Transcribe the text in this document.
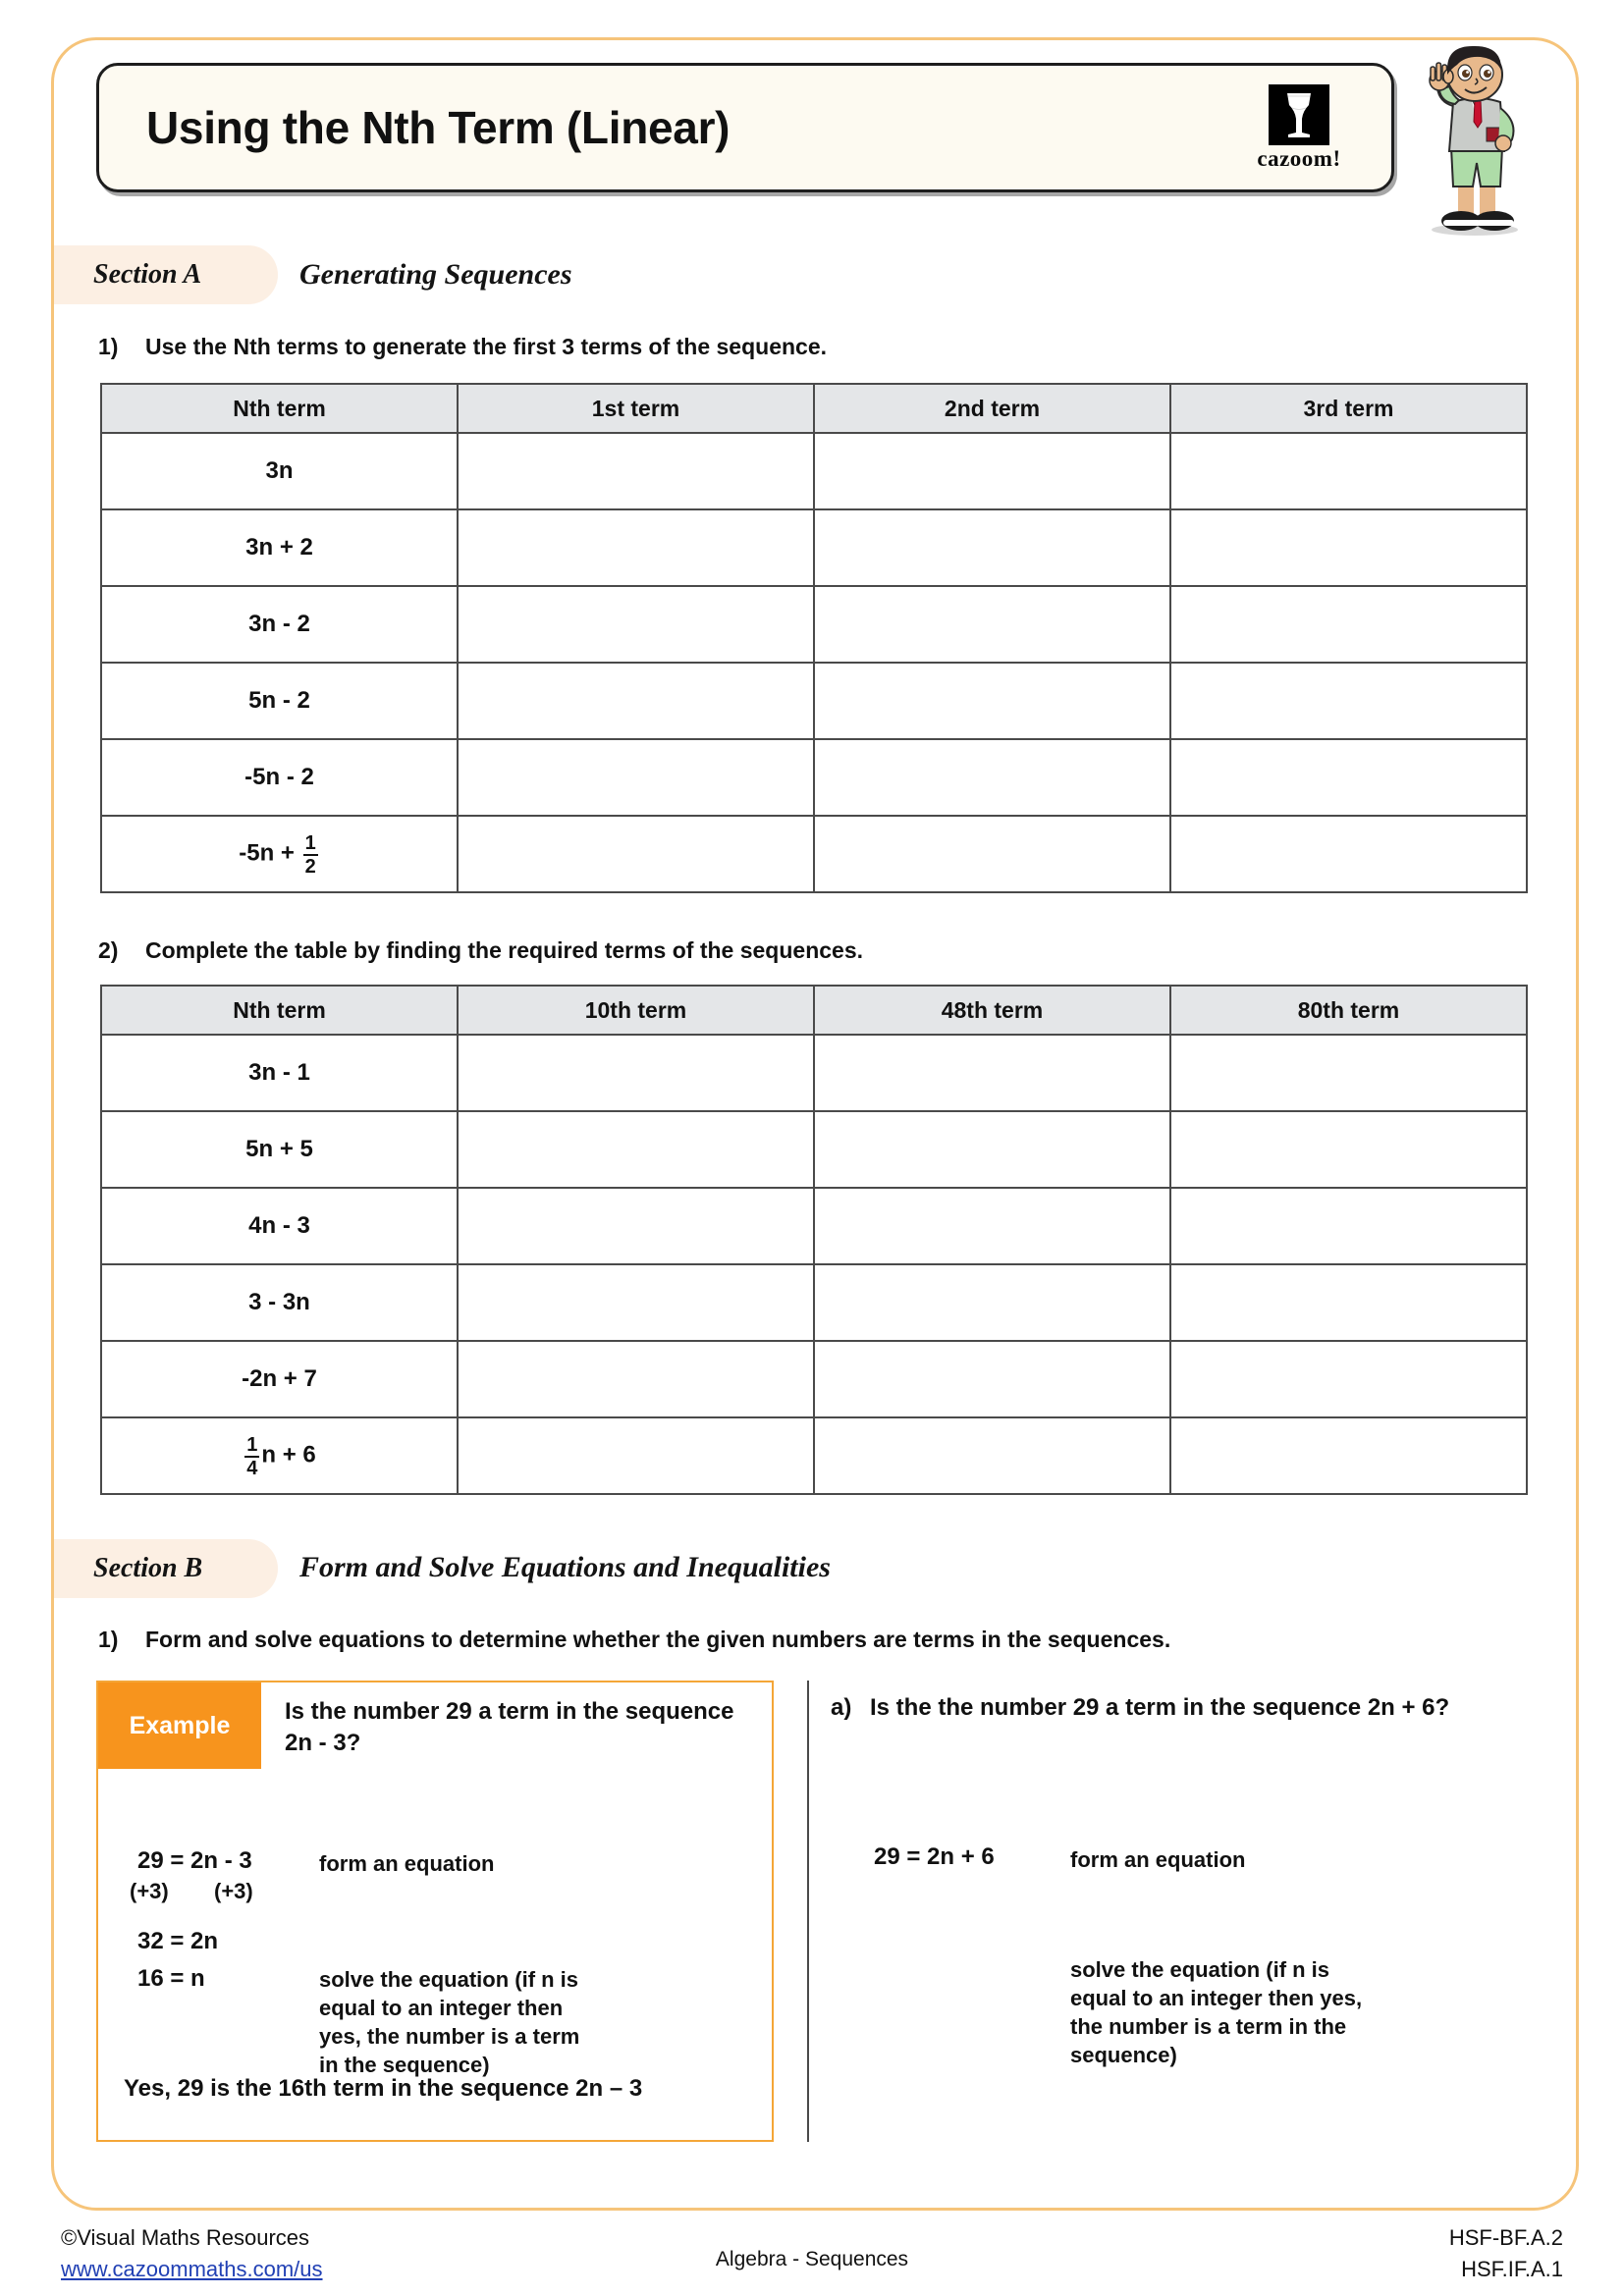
Using the Nth Term (Linear)
cazoom!
Section A	Generating Sequences
1)	Use the Nth terms to generate the first 3 terms of the sequence.
Nth term	1st term	2nd term	3rd term
3n			
3n + 2			
3n - 2			
5n - 2			
-5n - 2			
$-5n + \frac{1}{2}$

2)	Complete the table by finding the required terms of the sequences.
Nth term	10th term	48th term	80th term
3n - 1			
5n + 5			
4n - 3			
3 - 3n			
-2n + 7			

$\frac{1}{4}$ n + 6			
Section B	Form and Solve Equations and Inequalities
1)	Form and solve equations to determine whether the given numbers are terms in the sequences.
Example	Is the number 29 a term in the sequence 2n - 3?
29 = 2n - 3	form an equation
(+3) (+3)
32 = 2n
16 = n	solve the equation (if n is equal to an integer then yes, the number is a term in the sequence)
Yes, 29 is the 16th term in the sequence 2n – 3
a) Is the the number 29 a term in the sequence 2n + 6?
29 = 2n + 6	form an equation
solve the equation (if n is equal to an integer then yes, the number is a term in the sequence)
©Visual Maths Resources
www.cazoommaths.com/us	Algebra - Sequences
HSF-BF.A.2
HSF.IF.A.1
